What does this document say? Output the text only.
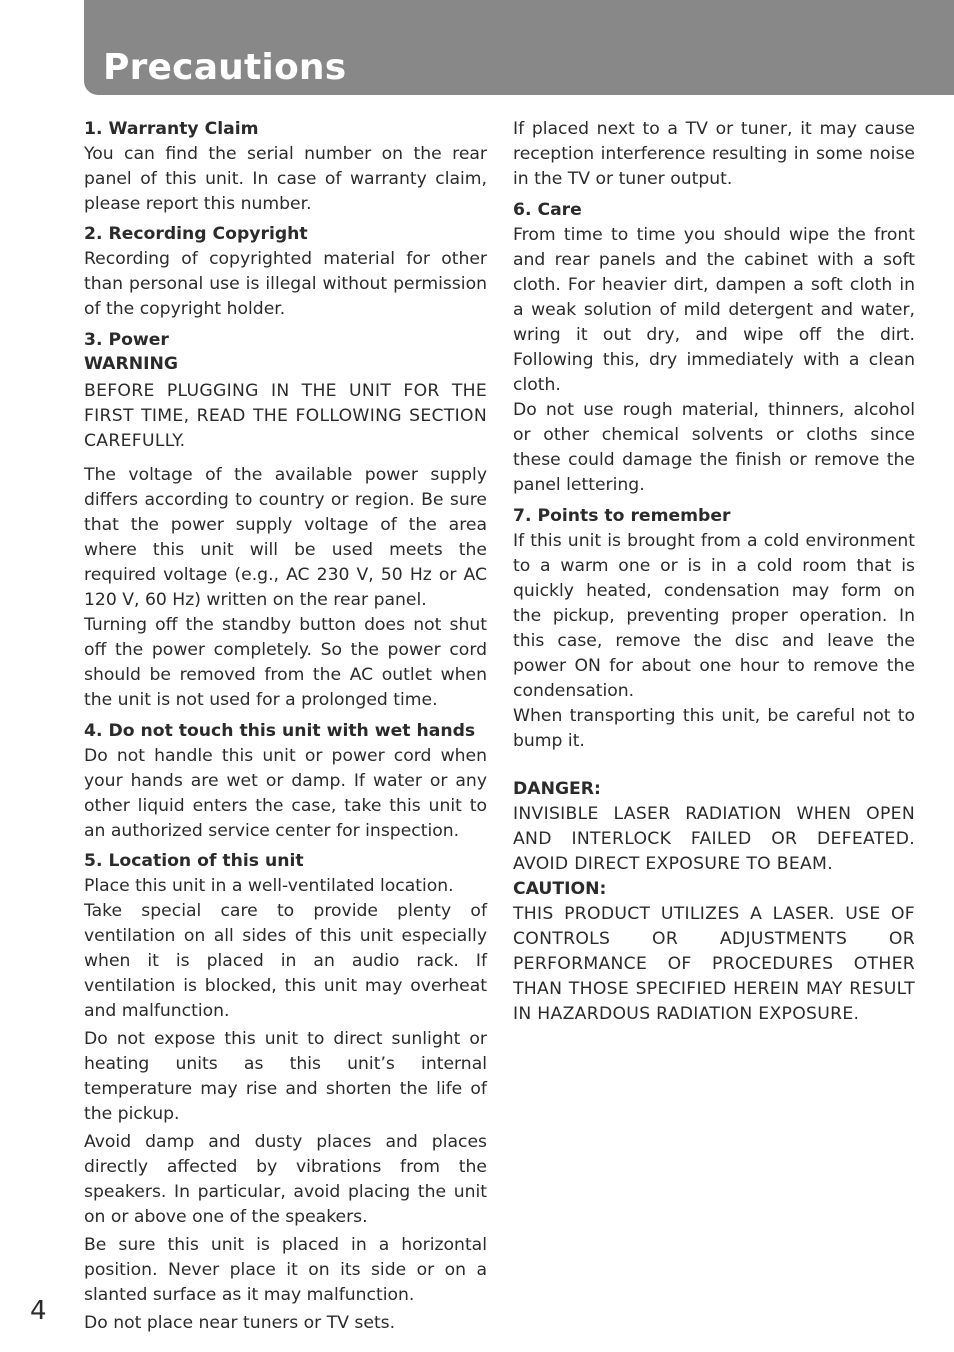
Precautions
1. Warranty Claim

You can find the serial number on the rear panel of this unit. In case of warranty claim, please report this number.

2. Recording Copyright

Recording of copyrighted material for other than personal use is illegal without permission of the copyright holder.

3. Power
WARNING

BEFORE PLUGGING IN THE UNIT FOR THE FIRST TIME, READ THE FOLLOWING SECTION CAREFULLY.

The voltage of the available power supply differs according to country or region. Be sure that the power supply voltage of the area where this unit will be used meets the required voltage (e.g., AC 230 V, 50 Hz or AC 120 V, 60 Hz) written on the rear panel.

Turning off the standby button does not shut off the power completely. So the power cord should be removed from the AC outlet when the unit is not used for a prolonged time.

4. Do not touch this unit with wet hands

Do not handle this unit or power cord when your hands are wet or damp. If water or any other liquid enters the case, take this unit to an authorized service center for inspection.

5. Location of this unit

Place this unit in a well-ventilated location.

Take special care to provide plenty of ventilation on all sides of this unit especially when it is placed in an audio rack. If ventilation is blocked, this unit may overheat and malfunction.

Do not expose this unit to direct sunlight or heating units as this unit’s internal temperature may rise and shorten the life of the pickup.

Avoid damp and dusty places and places directly affected by vibrations from the speakers. In particular, avoid placing the unit on or above one of the speakers.

Be sure this unit is placed in a horizontal position. Never place it on its side or on a slanted surface as it may malfunction.

Do not place near tuners or TV sets.

If placed next to a TV or tuner, it may cause reception interference resulting in some noise in the TV or tuner output.

6. Care

From time to time you should wipe the front and rear panels and the cabinet with a soft cloth. For heavier dirt, dampen a soft cloth in a weak solution of mild detergent and water, wring it out dry, and wipe off the dirt. Following this, dry immediately with a clean cloth.

Do not use rough material, thinners, alcohol or other chemical solvents or cloths since these could damage the finish or remove the panel lettering.

7. Points to remember

If this unit is brought from a cold environment to a warm one or is in a cold room that is quickly heated, condensation may form on the pickup, preventing proper operation. In this case, remove the disc and leave the power ON for about one hour to remove the condensation.

When transporting this unit, be careful not to bump it.

DANGER:

INVISIBLE LASER RADIATION WHEN OPEN AND INTERLOCK FAILED OR DEFEATED. AVOID DIRECT EXPOSURE TO BEAM.

CAUTION:

THIS PRODUCT UTILIZES A LASER. USE OF CONTROLS OR ADJUSTMENTS OR PERFORMANCE OF PROCEDURES OTHER THAN THOSE SPECIFIED HEREIN MAY RESULT IN HAZARDOUS RADIATION EXPOSURE.

4
